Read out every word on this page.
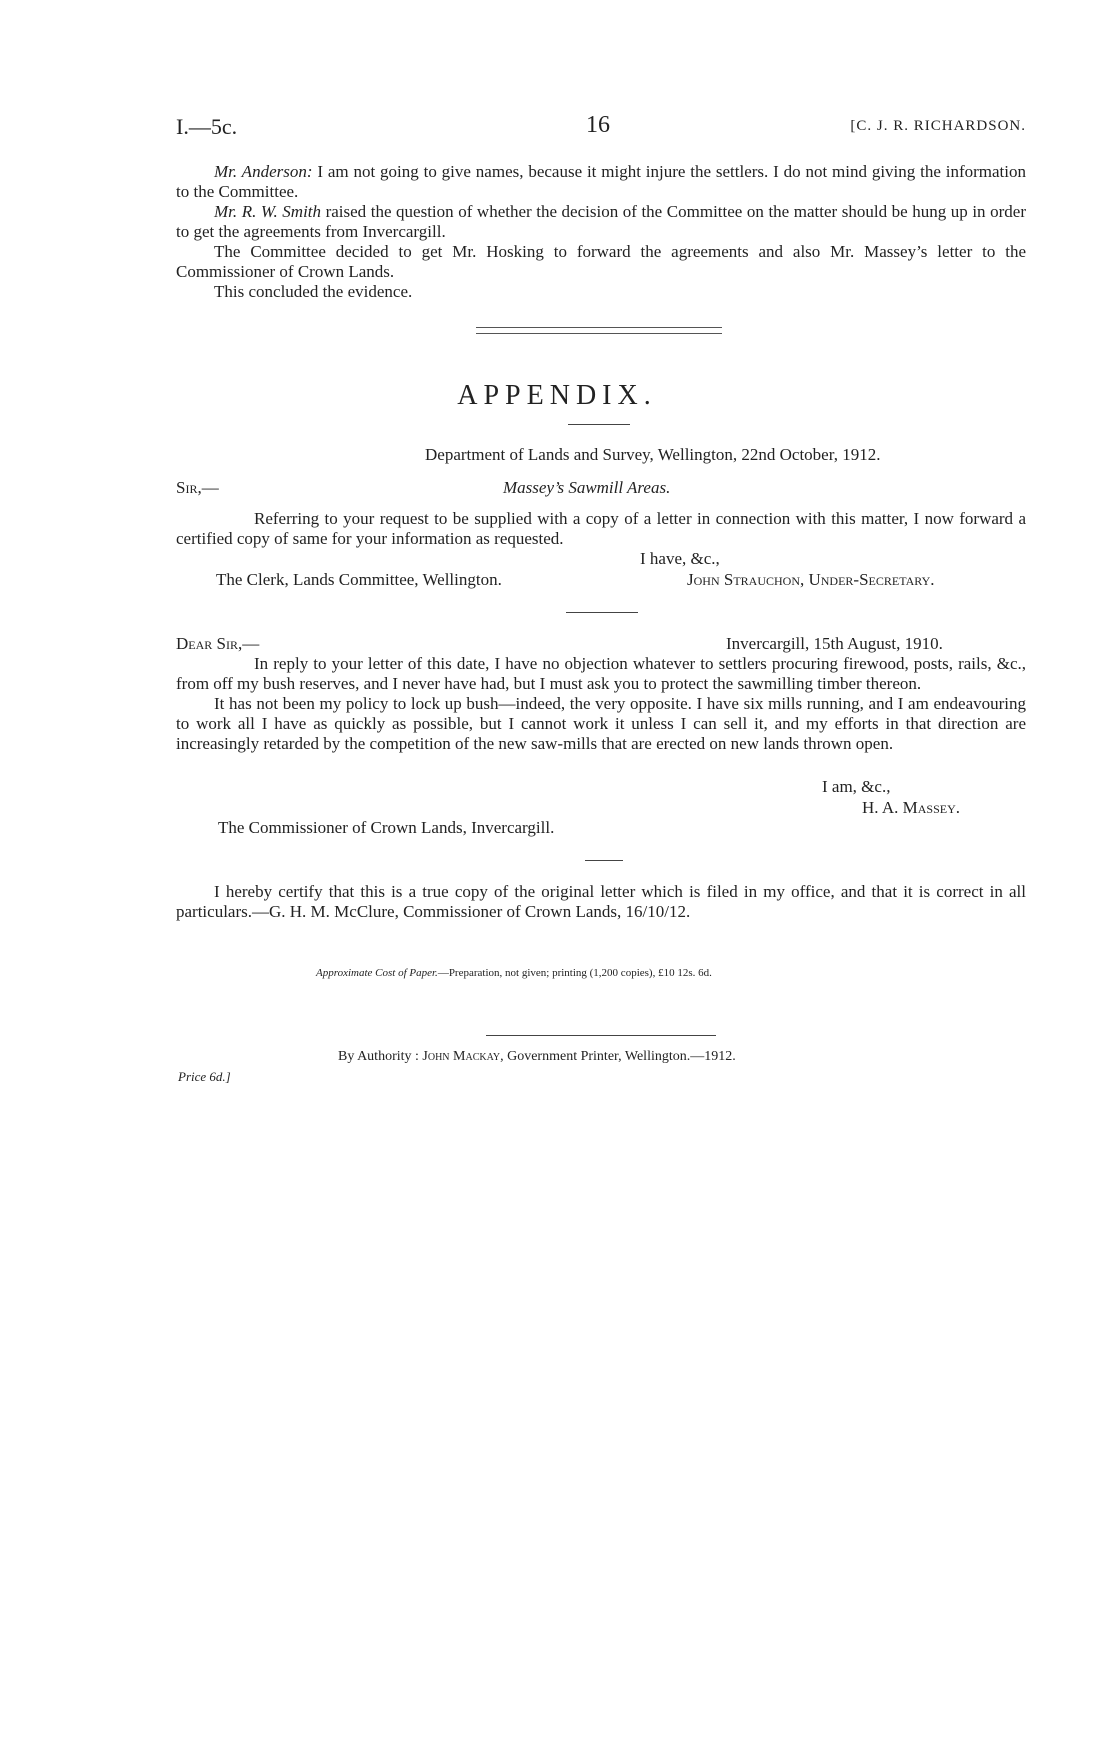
I.—5c.	16	[C. J. R. RICHARDSON.

Mr. Anderson: I am not going to give names, because it might injure the settlers. I do not mind giving the information to the Committee.

Mr. R. W. Smith raised the question of whether the decision of the Committee on the matter should be hung up in order to get the agreements from Invercargill.

The Committee decided to get Mr. Hosking to forward the agreements and also Mr. Massey’s letter to the Commissioner of Crown Lands.

This concluded the evidence.

APPENDIX.
Department of Lands and Survey, Wellington, 22nd October, 1912.
Sir,—	Massey’s Sawmill Areas.

Referring to your request to be supplied with a copy of a letter in connection with this matter, I now forward a certified copy of same for your information as requested.

I have, &c.,
The Clerk, Lands Committee, Wellington.	John Strauchon, Under-Secretary.
Dear Sir,—	Invercargill, 15th August, 1910.

In reply to your letter of this date, I have no objection whatever to settlers procuring firewood, posts, rails, &c., from off my bush reserves, and I never have had, but I must ask you to protect the sawmilling timber thereon.

It has not been my policy to lock up bush—indeed, the very opposite. I have six mills running, and I am endeavouring to work all I have as quickly as possible, but I cannot work it unless I can sell it, and my efforts in that direction are increasingly retarded by the competition of the new saw-mills that are erected on new lands thrown open.

I am, &c.,
H. A. Massey.
The Commissioner of Crown Lands, Invercargill.

I hereby certify that this is a true copy of the original letter which is filed in my office, and that it is correct in all particulars.—G. H. M. McClure, Commissioner of Crown Lands, 16/10/12.

Approximate Cost of Paper.—Preparation, not given; printing (1,200 copies), £10 12s. 6d.
By Authority : John Mackay, Government Printer, Wellington.—1912.
Price 6d.]
